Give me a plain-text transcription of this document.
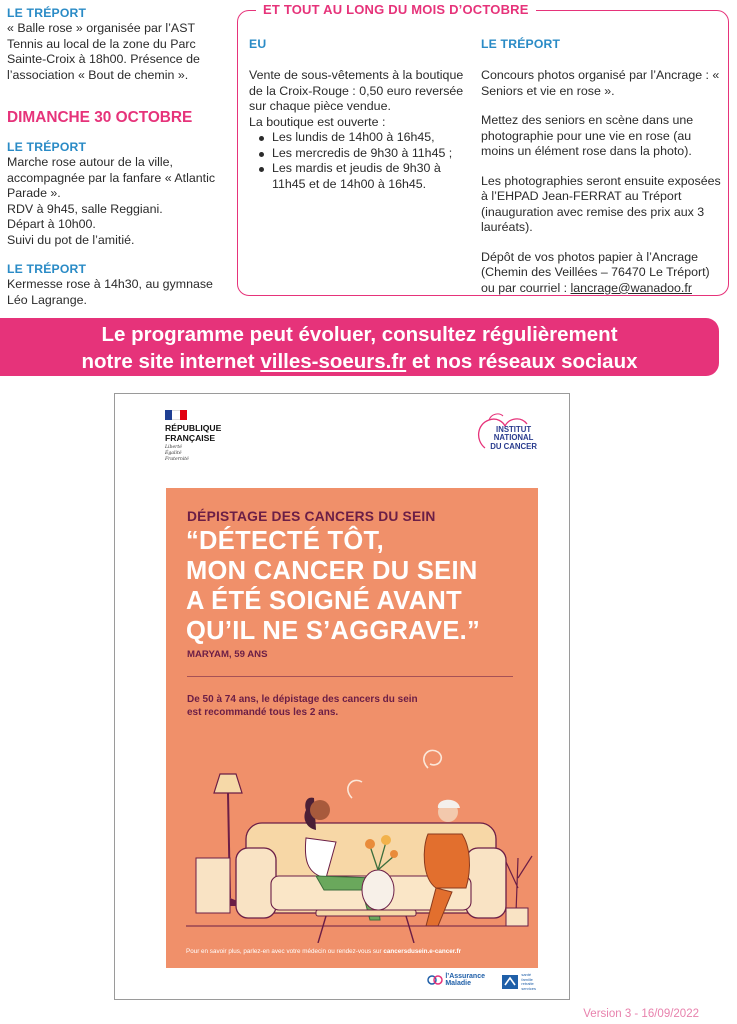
LE TRÉPORT

« Balle rose » organisée par l’AST Tennis au local de la zone du Parc Sainte-Croix à 18h00. Présence de l’association « Bout de chemin ».

DIMANCHE 30 OCTOBRE
LE TRÉPORT

Marche rose autour de la ville, accompagnée par la fanfare « Atlantic Parade ».

RDV à 9h45, salle Reggiani.

Départ à 10h00.

Suivi du pot de l’amitié.

LE TRÉPORT

Kermesse rose à 14h30, au gymnase Léo Lagrange.

EU

Vente de sous-vêtements à la boutique de la Croix-Rouge : 0,50 euro reversée sur chaque pièce vendue.

La boutique est ouverte :

Les lundis de 14h00 à 16h45,
Les mercredis de 9h30 à 11h45 ;
Les mardis et jeudis de 9h30 à 11h45 et de 14h00 à 16h45.
LE TRÉPORT

Concours photos organisé par l’Ancrage : « Seniors et vie en rose ».

Mettez des seniors en scène dans une photographie pour une vie en rose (au moins un élément rose dans la photo).

Les photographies seront ensuite exposées à l’EHPAD Jean-FERRAT au Tréport (inauguration avec remise des prix aux 3 lauréats).

Dépôt de vos photos papier à l’Ancrage (Chemin des Veillées – 76470 Le Tréport) ou par courriel : lancrage@wanadoo.fr

ET TOUT AU LONG DU MOIS D’OCTOBRE
Le programme peut évoluer, consultez régulièrement
notre site internet villes-soeurs.fr et nos réseaux sociaux
RÉPUBLIQUE
FRANÇAISE
Liberté
Égalité
Fraternité
INSTITUT
NATIONAL
DU CANCER
DÉPISTAGE DES CANCERS DU SEIN
“DÉTECTÉ TÔT,
MON CANCER DU SEIN
A ÉTÉ SOIGNÉ AVANT
QU’IL NE S’AGGRAVE.”
MARYAM, 59 ANS
De 50 à 74 ans, le dépistage des cancers du sein
est recommandé tous les 2 ans.
Pour en savoir plus, parlez-en avec votre médecin ou rendez-vous sur cancersdusein.e-cancer.fr
l’Assurance
Maladie
santé
famille
retraite
services
Version 3 - 16/09/2022
